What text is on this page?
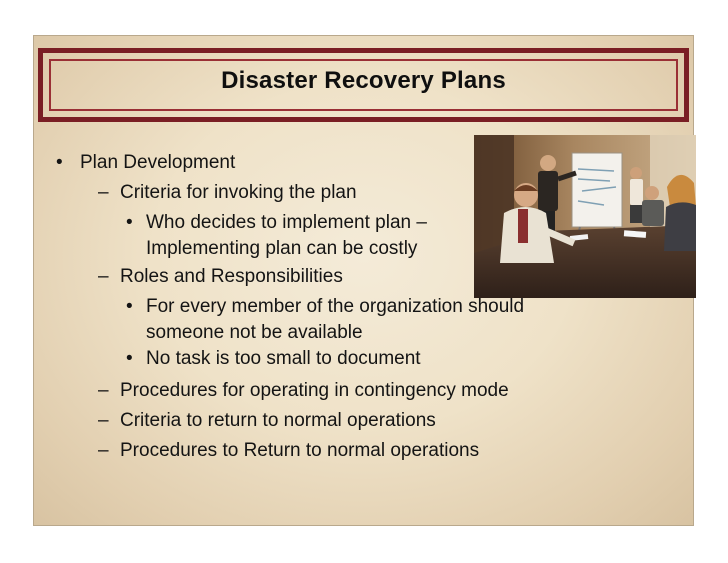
Disaster Recovery Plans
• Plan Development
– Criteria for invoking the plan
• Who decides to implement plan –
Implementing plan can be costly
– Roles and Responsibilities
• For every member of the organization should
someone not be available
• No task is too small to document
– Procedures for operating in contingency mode
– Criteria to return to normal operations
– Procedures to Return to normal operations
